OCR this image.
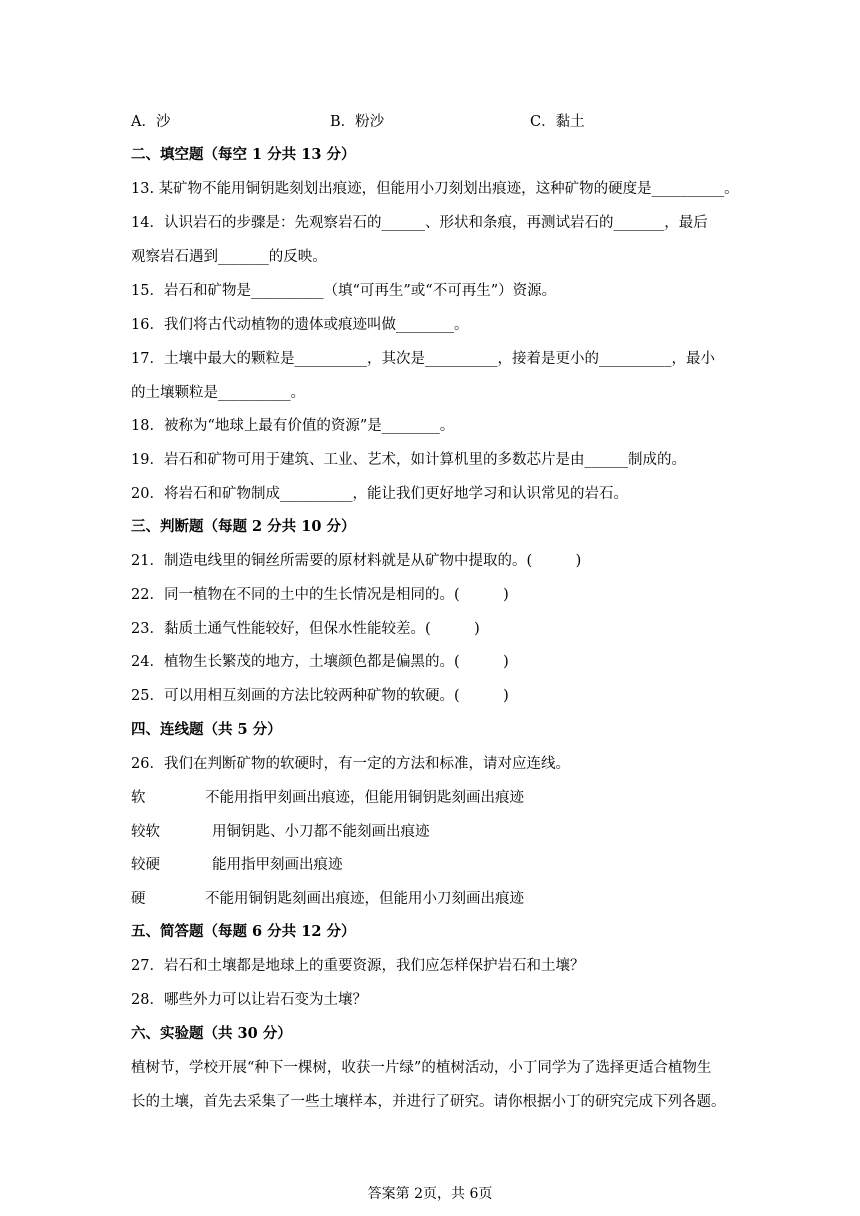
A．沙	B．粉沙	C．黏土
二、填空题（每空 1 分共 13 分）
13. 某矿物不能用铜钥匙刻划出痕迹，但能用小刀刻划出痕迹，这种矿物的硬度是__________。
14．认识岩石的步骤是：先观察岩石的______、形状和条痕，再测试岩石的_______，最后
观察岩石遇到_______的反映。
15．岩石和矿物是__________（填“可再生”或“不可再生”）资源。
16．我们将古代动植物的遗体或痕迹叫做________。
17．土壤中最大的颗粒是__________，其次是__________，接着是更小的__________，最小
的土壤颗粒是__________。
18．被称为“地球上最有价值的资源”是________。
19．岩石和矿物可用于建筑、工业、艺术，如计算机里的多数芯片是由______制成的。
20．将岩石和矿物制成__________，能让我们更好地学习和认识常见的岩石。
三、判断题（每题 2 分共 10 分）
21．制造电线里的铜丝所需要的原材料就是从矿物中提取的。(　　　)
22．同一植物在不同的土中的生长情况是相同的。(　　　)
23．黏质土通气性能较好，但保水性能较差。(　　　)
24．植物生长繁茂的地方，土壤颜色都是偏黑的。(　　　)
25．可以用相互刻画的方法比较两种矿物的软硬。(　　　)
四、连线题（共 5 分）
26．我们在判断矿物的软硬时，有一定的方法和标准，请对应连线。
软	不能用指甲刻画出痕迹，但能用铜钥匙刻画出痕迹
较软	用铜钥匙、小刀都不能刻画出痕迹
较硬	能用指甲刻画出痕迹
硬	不能用铜钥匙刻画出痕迹，但能用小刀刻画出痕迹
五、简答题（每题 6 分共 12 分）
27．岩石和土壤都是地球上的重要资源，我们应怎样保护岩石和土壤？
28．哪些外力可以让岩石变为土壤？
六、实验题（共 30 分）
植树节，学校开展“种下一棵树，收获一片绿”的植树活动，小丁同学为了选择更适合植物生
长的土壤，首先去采集了一些土壤样本，并进行了研究。请你根据小丁的研究完成下列各题。
答案第 2页，共 6页
